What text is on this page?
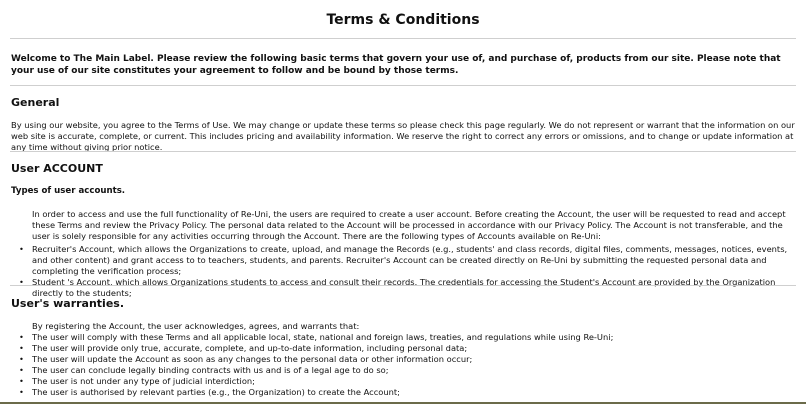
Terms & Conditions
Welcome to The Main Label. Please review the following basic terms that govern your use of, and purchase of, products from our site. Please note that your use of our site constitutes your agreement to follow and be bound by those terms.
General
By using our website, you agree to the Terms of Use. We may change or update these terms so please check this page regularly. We do not represent or warrant that the information on our web site is accurate, complete, or current. This includes pricing and availability information. We reserve the right to correct any errors or omissions, and to change or update information at any time without giving prior notice.
User ACCOUNT
Types of user accounts.
In order to access and use the full functionality of Re-Uni, the users are required to create a user account. Before creating the Account, the user will be requested to read and accept these Terms and review the Privacy Policy. The personal data related to the Account will be processed in accordance with our Privacy Policy. The Account is not transferable, and the user is solely responsible for any activities occurring through the Account. There are the following types of Accounts available on Re-Uni:
• Recruiter's Account, which allows the Organizations to create, upload, and manage the Records (e.g., students' and class records, digital files, comments, messages, notices, events, and other content) and grant access to to teachers, students, and parents. Recruiter's Account can be created directly on Re-Uni by submitting the requested personal data and completing the verification process;
• Student 's Account, which allows Organizations students to access and consult their records. The credentials for accessing the Student's Account are provided by the Organization directly to the students;
User's warranties.
By registering the Account, the user acknowledges, agrees, and warrants that:
• The user will comply with these Terms and all applicable local, state, national and foreign laws, treaties, and regulations while using Re-Uni;
• The user will provide only true, accurate, complete, and up-to-date information, including personal data;
• The user will update the Account as soon as any changes to the personal data or other information occur;
• The user can conclude legally binding contracts with us and is of a legal age to do so;
• The user is not under any type of judicial interdiction;
• The user is authorised by relevant parties (e.g., the Organization) to create the Account;
